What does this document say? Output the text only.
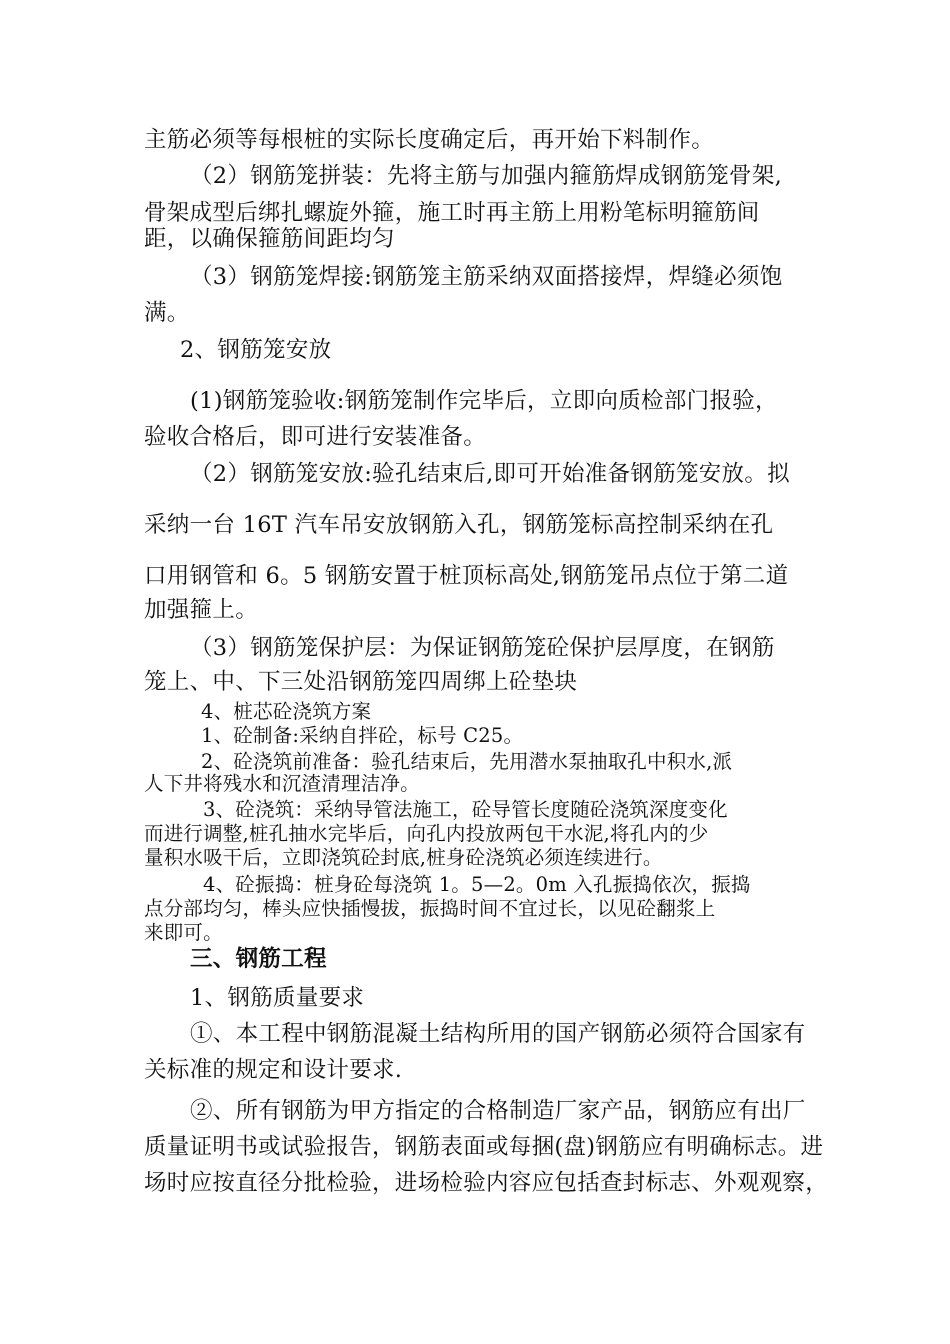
主筋必须等每根桩的实际长度确定后，再开始下料制作。
（2）钢筋笼拼装：先将主筋与加强内箍筋焊成钢筋笼骨架,
骨架成型后绑扎螺旋外箍，施工时再主筋上用粉笔标明箍筋间
距，以确保箍筋间距均匀
（3）钢筋笼焊接:钢筋笼主筋采纳双面搭接焊，焊缝必须饱
满。
2、钢筋笼安放
(1)钢筋笼验收:钢筋笼制作完毕后，立即向质检部门报验，
验收合格后，即可进行安装准备。
（2）钢筋笼安放:验孔结束后,即可开始准备钢筋笼安放。拟
采纳一台 16T 汽车吊安放钢筋入孔，钢筋笼标高控制采纳在孔
口用钢管和 6。5 钢筋安置于桩顶标高处,钢筋笼吊点位于第二道
加强箍上。
（3）钢筋笼保护层：为保证钢筋笼砼保护层厚度，在钢筋
笼上、中、下三处沿钢筋笼四周绑上砼垫块
4、桩芯砼浇筑方案
1、砼制备:采纳自拌砼，标号 C25。
2、砼浇筑前准备：验孔结束后，先用潜水泵抽取孔中积水,派
人下井将残水和沉渣清理洁净。
3、砼浇筑：采纳导管法施工，砼导管长度随砼浇筑深度变化
而进行调整,桩孔抽水完毕后，向孔内投放两包干水泥,将孔内的少
量积水吸干后，立即浇筑砼封底,桩身砼浇筑必须连续进行。
4、砼振捣：桩身砼每浇筑 1。5—2。0m 入孔振捣依次，振捣
点分部均匀，棒头应快插慢拔，振捣时间不宜过长，以见砼翻浆上
来即可。
三、钢筋工程
1、钢筋质量要求
①、本工程中钢筋混凝土结构所用的国产钢筋必须符合国家有
关标准的规定和设计要求.
②、所有钢筋为甲方指定的合格制造厂家产品，钢筋应有出厂
质量证明书或试验报告，钢筋表面或每捆(盘)钢筋应有明确标志。进
场时应按直径分批检验，进场检验内容应包括查封标志、外观观察，
